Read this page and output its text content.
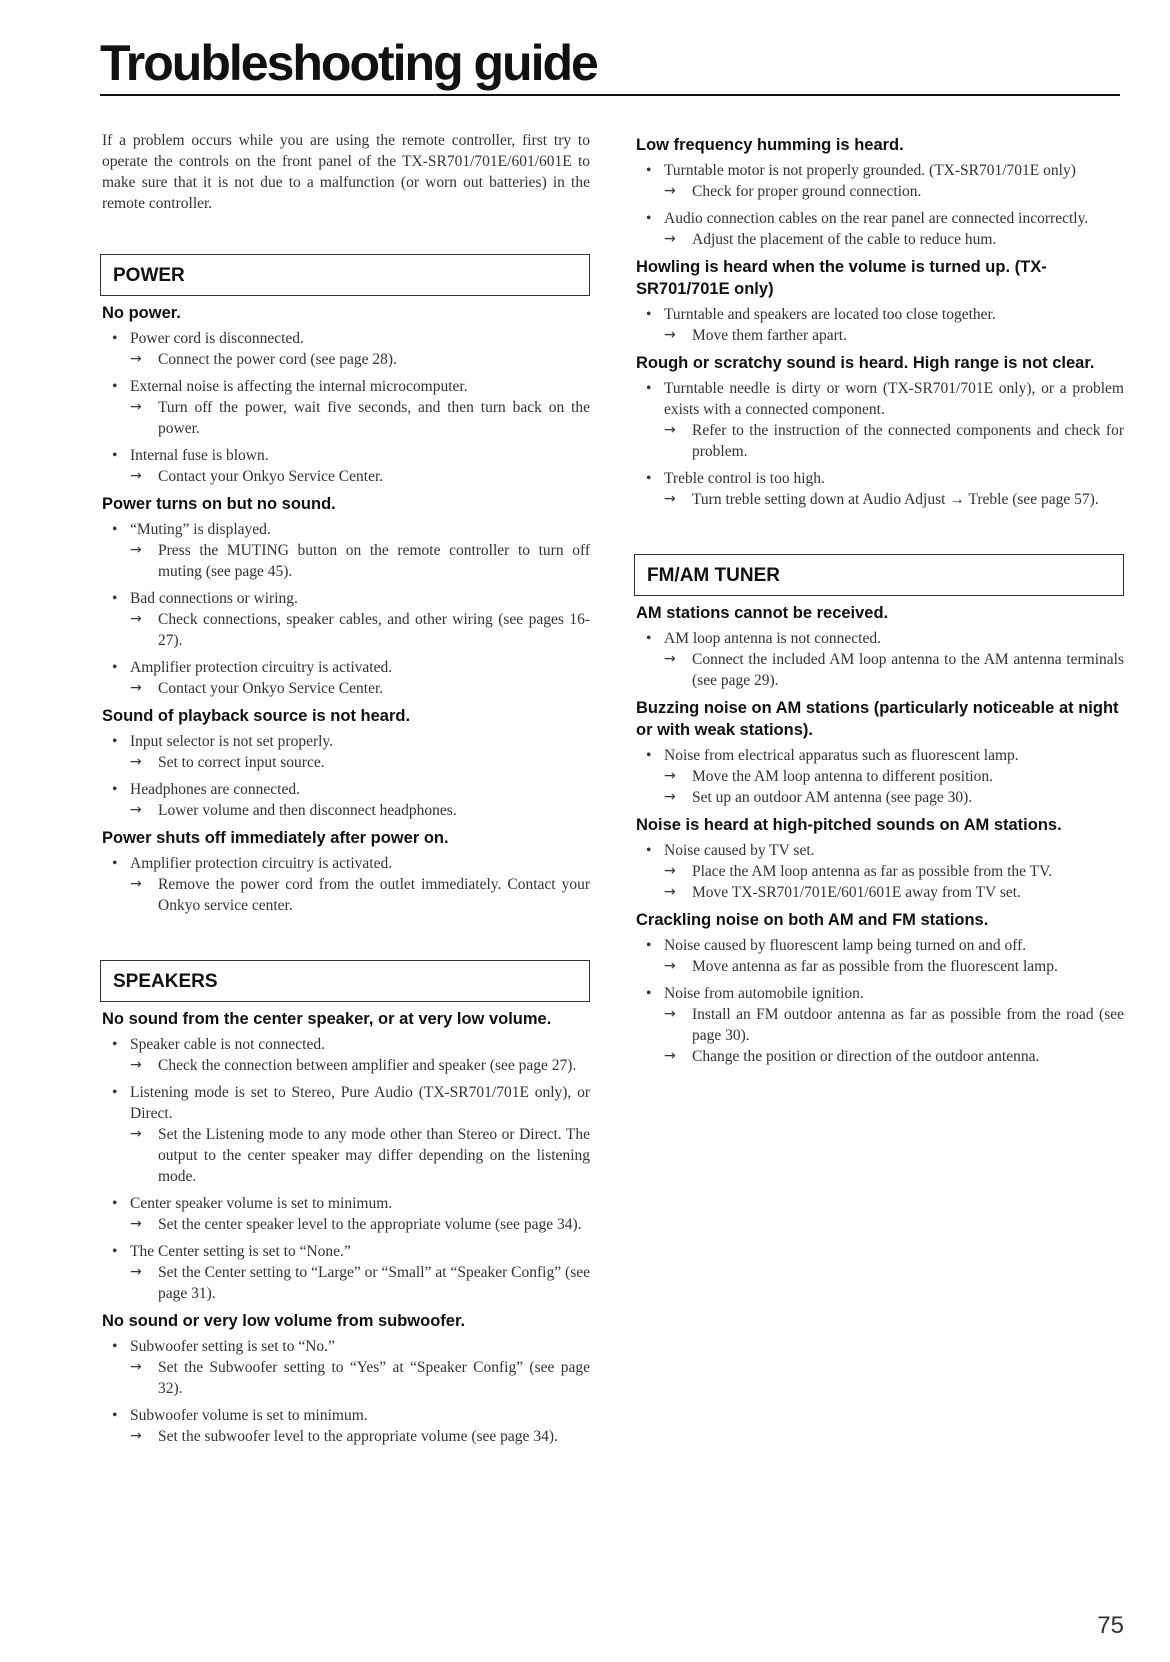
Troubleshooting guide

If a problem occurs while you are using the remote controller, first try to operate the controls on the front panel of the TX-SR701/701E/601/601E to make sure that it is not due to a malfunction (or worn out batteries) in the remote controller.

POWER
No power.
• Power cord is disconnected.
→ Connect the power cord (see page 28).
• External noise is affecting the internal microcomputer.
→ Turn off the power, wait five seconds, and then turn back on the power.
• Internal fuse is blown.
→ Contact your Onkyo Service Center.
Power turns on but no sound.
• “Muting” is displayed.
→ Press the MUTING button on the remote controller to turn off muting (see page 45).
• Bad connections or wiring.
→ Check connections, speaker cables, and other wiring (see pages 16-27).
• Amplifier protection circuitry is activated.
→ Contact your Onkyo Service Center.
Sound of playback source is not heard.
• Input selector is not set properly.
→ Set to correct input source.
• Headphones are connected.
→ Lower volume and then disconnect headphones.
Power shuts off immediately after power on.
• Amplifier protection circuitry is activated.
→ Remove the power cord from the outlet immediately. Contact your Onkyo service center.
SPEAKERS
No sound from the center speaker, or at very low volume.
• Speaker cable is not connected.
→ Check the connection between amplifier and speaker (see page 27).
• Listening mode is set to Stereo, Pure Audio (TX-SR701/701E only), or Direct.
→ Set the Listening mode to any mode other than Stereo or Direct. The output to the center speaker may differ depending on the listening mode.
• Center speaker volume is set to minimum.
→ Set the center speaker level to the appropriate volume (see page 34).
• The Center setting is set to “None.”
→ Set the Center setting to “Large” or “Small” at “Speaker Config” (see page 31).
No sound or very low volume from subwoofer.
• Subwoofer setting is set to “No.”
→ Set the Subwoofer setting to “Yes” at “Speaker Config” (see page 32).
• Subwoofer volume is set to minimum.
→ Set the subwoofer level to the appropriate volume (see page 34).
Low frequency humming is heard.
• Turntable motor is not properly grounded. (TX-SR701/701E only)
→ Check for proper ground connection.
• Audio connection cables on the rear panel are connected incorrectly.
→ Adjust the placement of the cable to reduce hum.
Howling is heard when the volume is turned up. (TX-SR701/701E only)
• Turntable and speakers are located too close together.
→ Move them farther apart.
Rough or scratchy sound is heard. High range is not clear.
• Turntable needle is dirty or worn (TX-SR701/701E only), or a problem exists with a connected component.
→ Refer to the instruction of the connected components and check for problem.
• Treble control is too high.
→ Turn treble setting down at Audio Adjust → Treble (see page 57).
FM/AM TUNER
AM stations cannot be received.
• AM loop antenna is not connected.
→ Connect the included AM loop antenna to the AM antenna terminals (see page 29).
Buzzing noise on AM stations (particularly noticeable at night or with weak stations).
• Noise from electrical apparatus such as fluorescent lamp.
→ Move the AM loop antenna to different position.
→ Set up an outdoor AM antenna (see page 30).
Noise is heard at high-pitched sounds on AM stations.
• Noise caused by TV set.
→ Place the AM loop antenna as far as possible from the TV.
→ Move TX-SR701/701E/601/601E away from TV set.
Crackling noise on both AM and FM stations.
• Noise caused by fluorescent lamp being turned on and off.
→ Move antenna as far as possible from the fluorescent lamp.
• Noise from automobile ignition.
→ Install an FM outdoor antenna as far as possible from the road (see page 30).
→ Change the position or direction of the outdoor antenna.
75
